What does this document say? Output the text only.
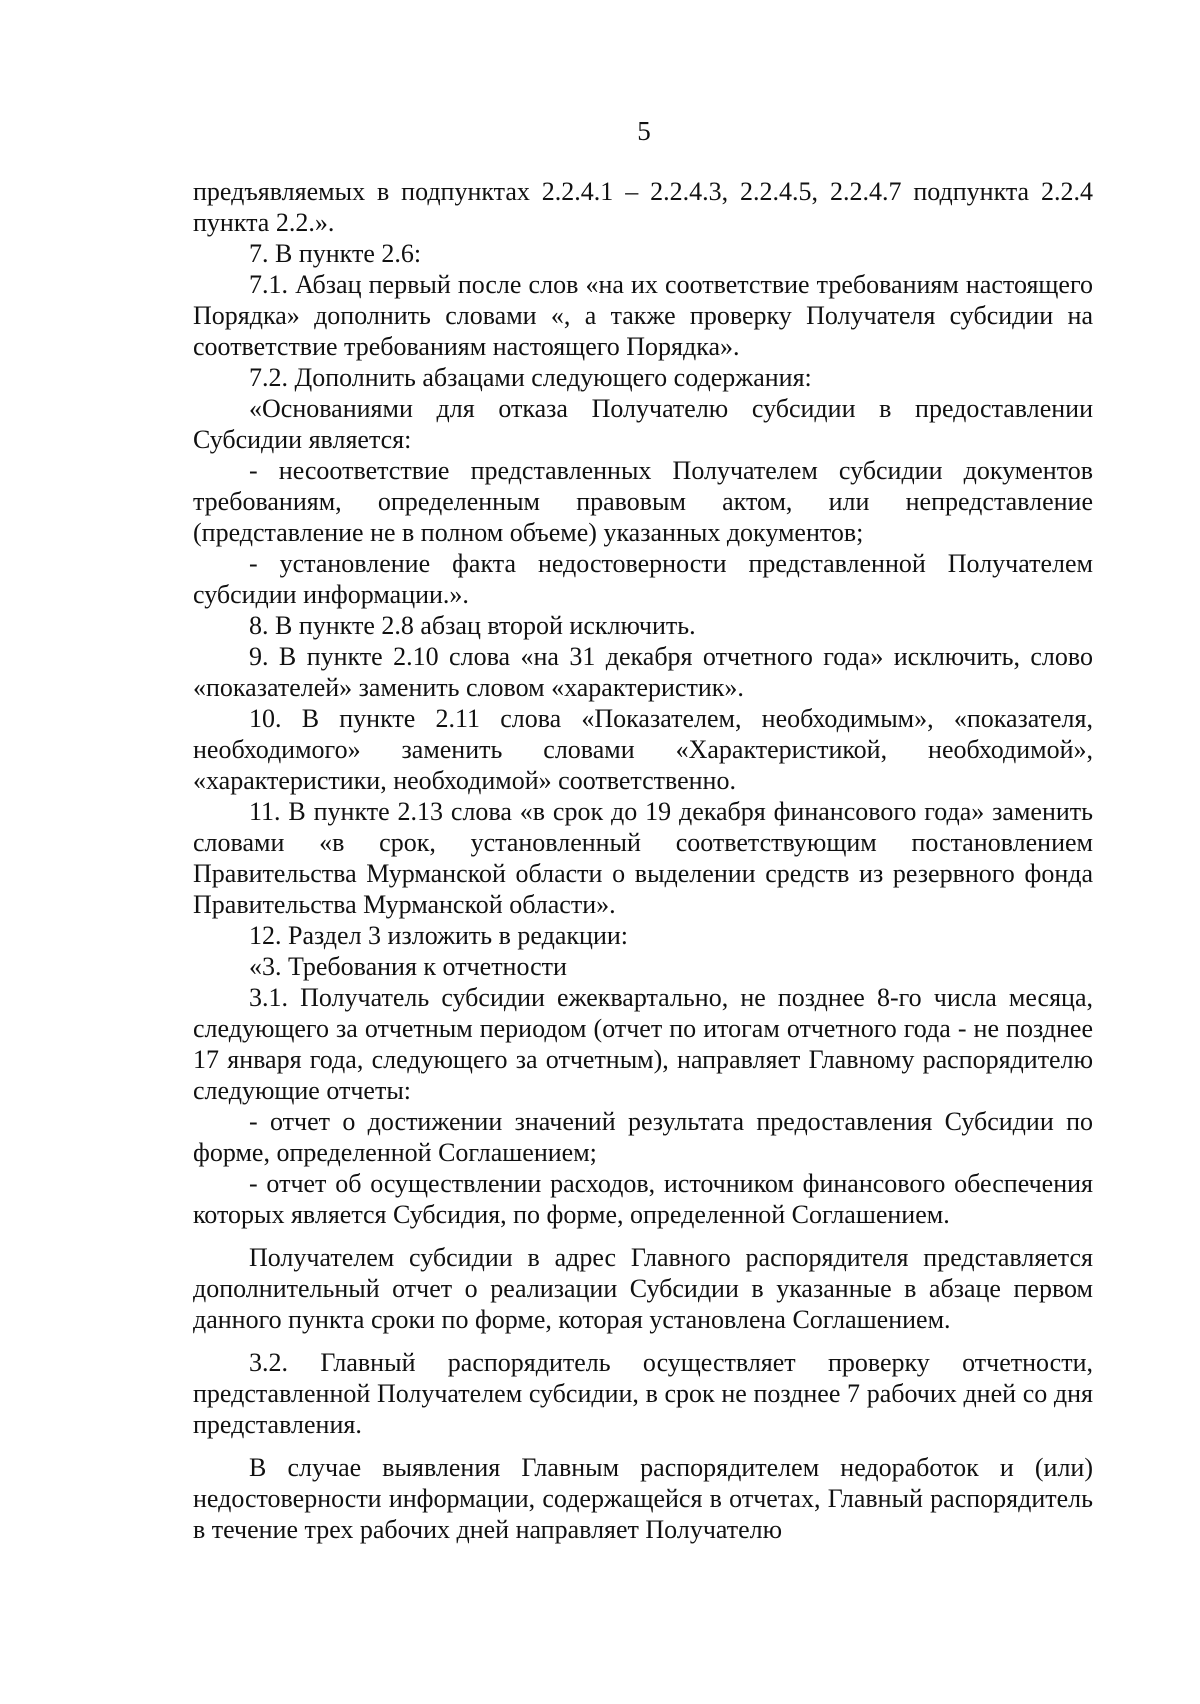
5

предъявляемых в подпунктах 2.2.4.1 – 2.2.4.3, 2.2.4.5, 2.2.4.7 подпункта 2.2.4 пункта 2.2.».

7. В пункте 2.6:

7.1. Абзац первый после слов «на их соответствие требованиям настоящего Порядка» дополнить словами «, а также проверку Получателя субсидии на соответствие требованиям настоящего Порядка».

7.2. Дополнить абзацами следующего содержания:

«Основаниями для отказа Получателю субсидии в предоставлении Субсидии является:

- несоответствие представленных Получателем субсидии документов требованиям, определенным правовым актом, или непредставление (представление не в полном объеме) указанных документов;

- установление факта недостоверности представленной Получателем субсидии информации.».

8. В пункте 2.8 абзац второй исключить.

9. В пункте 2.10 слова «на 31 декабря отчетного года» исключить, слово «показателей» заменить словом «характеристик».

10. В пункте 2.11 слова «Показателем, необходимым», «показателя, необходимого» заменить словами «Характеристикой, необходимой», «характеристики, необходимой» соответственно.

11. В пункте 2.13 слова «в срок до 19 декабря финансового года» заменить словами «в срок, установленный соответствующим постановлением Правительства Мурманской области о выделении средств из резервного фонда Правительства Мурманской области».

12. Раздел 3 изложить в редакции:

«3. Требования к отчетности

3.1. Получатель субсидии ежеквартально, не позднее 8-го числа месяца, следующего за отчетным периодом (отчет по итогам отчетного года - не позднее 17 января года, следующего за отчетным), направляет Главному распорядителю следующие отчеты:

- отчет о достижении значений результата предоставления Субсидии по форме, определенной Соглашением;

- отчет об осуществлении расходов, источником финансового обеспечения которых является Субсидия, по форме, определенной Соглашением.

Получателем субсидии в адрес Главного распорядителя представляется дополнительный отчет о реализации Субсидии в указанные в абзаце первом данного пункта сроки по форме, которая установлена Соглашением.

3.2. Главный распорядитель осуществляет проверку отчетности, представленной Получателем субсидии, в срок не позднее 7 рабочих дней со дня представления.

В случае выявления Главным распорядителем недоработок и (или) недостоверности информации, содержащейся в отчетах, Главный распорядитель в течение трех рабочих дней направляет Получателю
